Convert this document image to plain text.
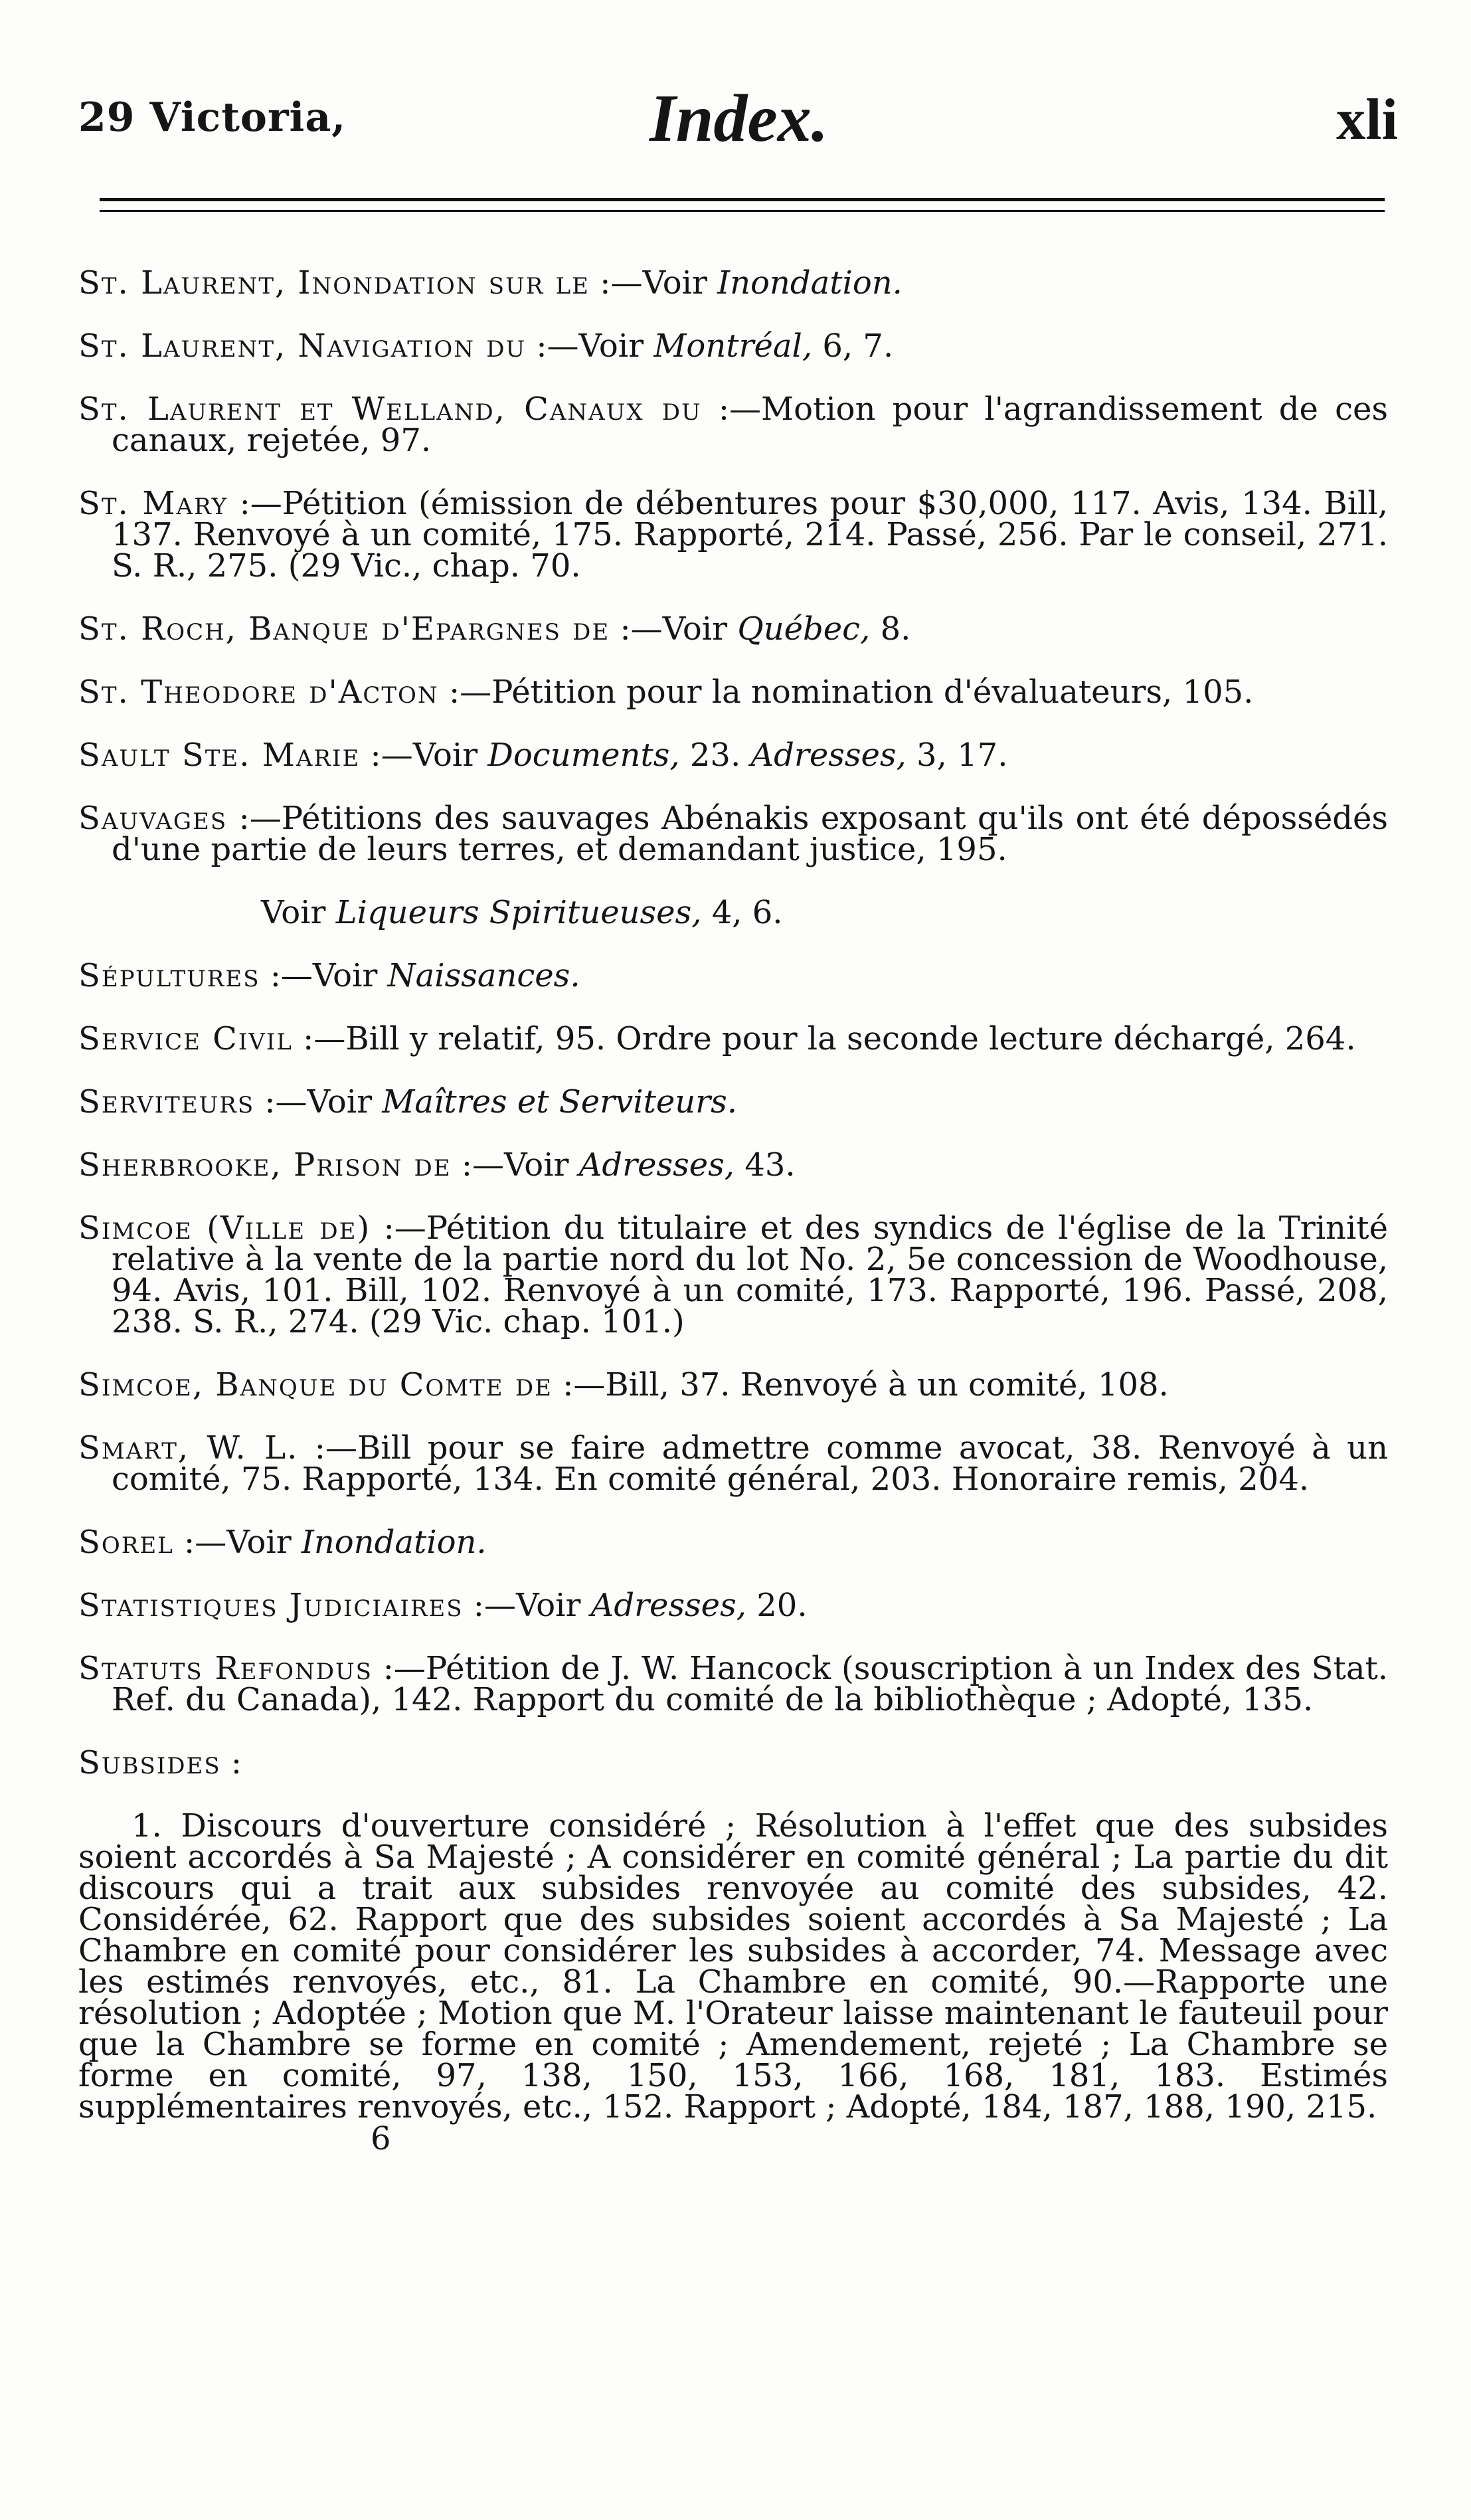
29 Victoria,	Index.	xli

St. Laurent, Inondation sur le :—Voir Inondation.

St. Laurent, Navigation du :—Voir Montréal, 6, 7.

St. Laurent et Welland, Canaux du :—Motion pour l'agrandissement de ces canaux, rejetée, 97.

St. Mary :—Pétition (émission de débentures pour $30,000, 117. Avis, 134. Bill, 137. Renvoyé à un comité, 175. Rapporté, 214. Passé, 256. Par le conseil, 271. S. R., 275. (29 Vic., chap. 70.

St. Roch, Banque d'Epargnes de :—Voir Québec, 8.

St. Theodore d'Acton :—Pétition pour la nomination d'évaluateurs, 105.

Sault Ste. Marie :—Voir Documents, 23. Adresses, 3, 17.

Sauvages :—Pétitions des sauvages Abénakis exposant qu'ils ont été dépossédés d'une partie de leurs terres, et demandant justice, 195.

Voir Liqueurs Spiritueuses, 4, 6.

Sépultures :—Voir Naissances.

Service Civil :—Bill y relatif, 95. Ordre pour la seconde lecture déchargé, 264.

Serviteurs :—Voir Maîtres et Serviteurs.

Sherbrooke, Prison de :—Voir Adresses, 43.

Simcoe (Ville de) :—Pétition du titulaire et des syndics de l'église de la Trinité relative à la vente de la partie nord du lot No. 2, 5e concession de Woodhouse, 94. Avis, 101. Bill, 102. Renvoyé à un comité, 173. Rapporté, 196. Passé, 208, 238. S. R., 274. (29 Vic. chap. 101.)

Simcoe, Banque du Comte de :—Bill, 37. Renvoyé à un comité, 108.

Smart, W. L. :—Bill pour se faire admettre comme avocat, 38. Renvoyé à un comité, 75. Rapporté, 134. En comité général, 203. Honoraire remis, 204.

Sorel :—Voir Inondation.

Statistiques Judiciaires :—Voir Adresses, 20.

Statuts Refondus :—Pétition de J. W. Hancock (souscription à un Index des Stat. Ref. du Canada), 142. Rapport du comité de la bibliothèque ; Adopté, 135.

Subsides :

1. Discours d'ouverture considéré ; Résolution à l'effet que des subsides soient accordés à Sa Majesté ; A considérer en comité général ; La partie du dit discours qui a trait aux subsides renvoyée au comité des subsides, 42. Considérée, 62. Rapport que des subsides soient accordés à Sa Majesté ; La Chambre en comité pour considérer les subsides à accorder, 74. Message avec les estimés renvoyés, etc., 81. La Chambre en comité, 90.—Rapporte une résolution ; Adoptée ; Motion que M. l'Orateur laisse maintenant le fauteuil pour que la Chambre se forme en comité ; Amendement, rejeté ; La Chambre se forme en comité, 97, 138, 150, 153, 166, 168, 181, 183. Estimés supplémentaires renvoyés, etc., 152. Rapport ; Adopté, 184, 187, 188, 190, 215.

6
